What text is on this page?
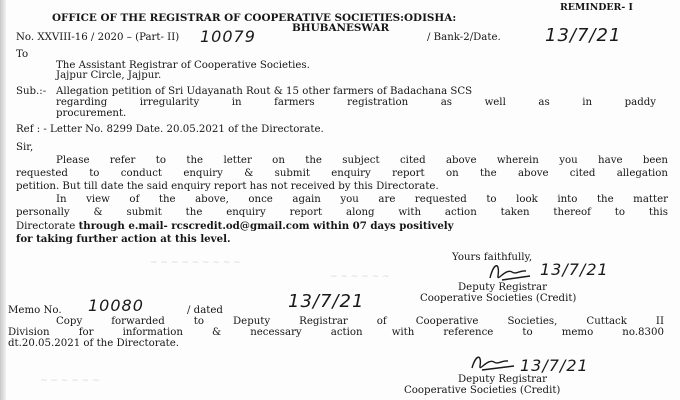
~ ~ ~ ~ ~ ~ ~ ~ ~
~ ~ ~ ~ ~ ~
~ ~ ~ ~ ~ ~

REMINDER- I

OFFICE OF THE REGISTRAR OF COOPERATIVE SOCIETIES:ODISHA:

BHUBANESWAR

No. XXVIII-16 / 2020 – (Part- II) 10079	/ Bank-2/Date. 13/7/21

To

The Assistant Registrar of Cooperative Societies.

Jajpur Circle, Jajpur.

Sub.:- Allegation petition of Sri Udayanath Rout & 15 other farmers of Badachana SCS

regarding irregularity in farmers registration as well as in paddy

procurement.

Ref : - Letter No. 8299 Date. 20.05.2021 of the Directorate.

Sir,

Please refer to the letter on the subject cited above wherein you have been

requested to conduct enquiry & submit enquiry report on the above cited allegation

petition. But till date the said enquiry report has not received by this Directorate.

In view of the above, once again you are requested to look into the matter

personally & submit the enquiry report along with action taken thereof to this

Directorate through e.mail- rcscredit.od@gmail.com within 07 days positively

for taking further action at this level.

Yours faithfully,

13/7/21

Deputy Registrar

Cooperative Societies (Credit)

Memo No. 10080	/ dated	13/7/21

Copy forwarded to Deputy Registrar of Cooperative Societies, Cuttack II

Division for information & necessary action with reference to memo no.8300

dt.20.05.2021 of the Directorate.

13/7/21

Deputy Registrar

Cooperative Societies (Credit)
